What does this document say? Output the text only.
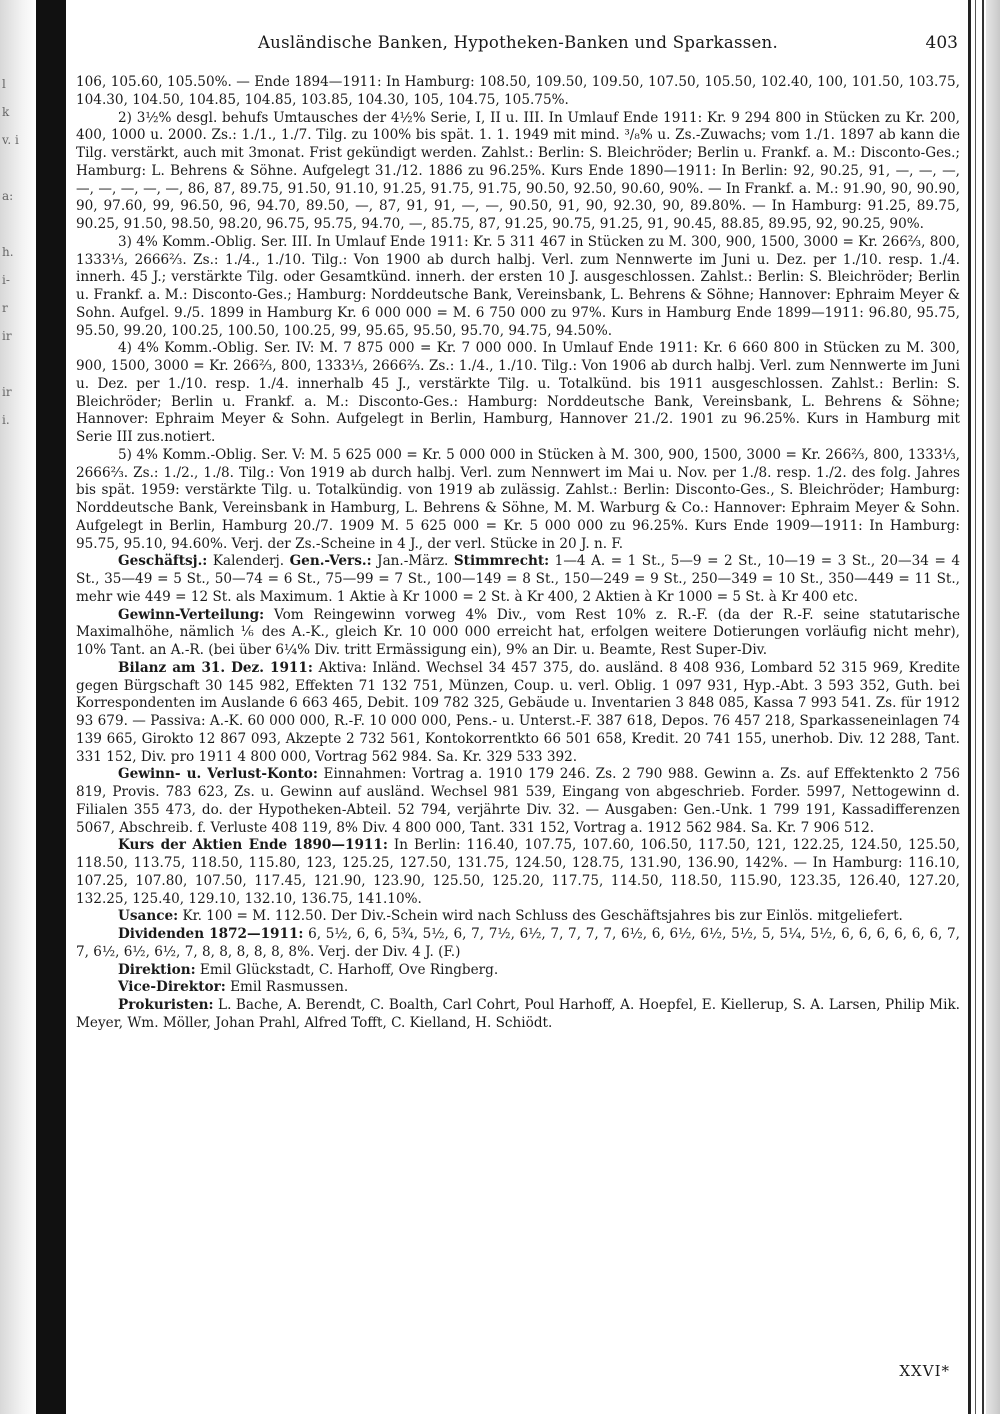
l
k
v. i

a:

h.
i-
r
ir

ir
i.
Ausländische Banken, Hypotheken-Banken und Sparkassen.	403

106, 105.60, 105.50%. — Ende 1894—1911: In Hamburg: 108.50, 109.50, 109.50, 107.50, 105.50, 102.40, 100, 101.50, 103.75, 104.30, 104.50, 104.85, 104.85, 103.85, 104.30, 105, 104.75, 105.75%.

2) 3½% desgl. behufs Umtausches der 4½% Serie, I, II u. III. In Umlauf Ende 1911: Kr. 9 294 800 in Stücken zu Kr. 200, 400, 1000 u. 2000. Zs.: 1./1., 1./7. Tilg. zu 100% bis spät. 1. 1. 1949 mit mind. ³/₈% u. Zs.-Zuwachs; vom 1./1. 1897 ab kann die Tilg. verstärkt, auch mit 3monat. Frist gekündigt werden. Zahlst.: Berlin: S. Bleichröder; Berlin u. Frankf. a. M.: Disconto-Ges.; Hamburg: L. Behrens & Söhne. Aufgelegt 31./12. 1886 zu 96.25%. Kurs Ende 1890—1911: In Berlin: 92, 90.25, 91, —, —, —, —, —, —, —, —, 86, 87, 89.75, 91.50, 91.10, 91.25, 91.75, 91.75, 90.50, 92.50, 90.60, 90%. — In Frankf. a. M.: 91.90, 90, 90.90, 90, 97.60, 99, 96.50, 96, 94.70, 89.50, —, 87, 91, 91, —, —, 90.50, 91, 90, 92.30, 90, 89.80%. — In Hamburg: 91.25, 89.75, 90.25, 91.50, 98.50, 98.20, 96.75, 95.75, 94.70, —, 85.75, 87, 91.25, 90.75, 91.25, 91, 90.45, 88.85, 89.95, 92, 90.25, 90%.

3) 4% Komm.-Oblig. Ser. III. In Umlauf Ende 1911: Kr. 5 311 467 in Stücken zu M. 300, 900, 1500, 3000 = Kr. 266⅔, 800, 1333⅓, 2666⅔. Zs.: 1./4., 1./10. Tilg.: Von 1900 ab durch halbj. Verl. zum Nennwerte im Juni u. Dez. per 1./10. resp. 1./4. innerh. 45 J.; verstärkte Tilg. oder Gesamtkünd. innerh. der ersten 10 J. ausgeschlossen. Zahlst.: Berlin: S. Bleichröder; Berlin u. Frankf. a. M.: Disconto-Ges.; Hamburg: Norddeutsche Bank, Vereinsbank, L. Behrens & Söhne; Hannover: Ephraim Meyer & Sohn. Aufgel. 9./5. 1899 in Hamburg Kr. 6 000 000 = M. 6 750 000 zu 97%. Kurs in Hamburg Ende 1899—1911: 96.80, 95.75, 95.50, 99.20, 100.25, 100.50, 100.25, 99, 95.65, 95.50, 95.70, 94.75, 94.50%.

4) 4% Komm.-Oblig. Ser. IV: M. 7 875 000 = Kr. 7 000 000. In Umlauf Ende 1911: Kr. 6 660 800 in Stücken zu M. 300, 900, 1500, 3000 = Kr. 266⅔, 800, 1333⅓, 2666⅔. Zs.: 1./4., 1./10. Tilg.: Von 1906 ab durch halbj. Verl. zum Nennwerte im Juni u. Dez. per 1./10. resp. 1./4. innerhalb 45 J., verstärkte Tilg. u. Totalkünd. bis 1911 ausgeschlossen. Zahlst.: Berlin: S. Bleichröder; Berlin u. Frankf. a. M.: Disconto-Ges.: Hamburg: Norddeutsche Bank, Vereinsbank, L. Behrens & Söhne; Hannover: Ephraim Meyer & Sohn. Aufgelegt in Berlin, Hamburg, Hannover 21./2. 1901 zu 96.25%. Kurs in Hamburg mit Serie III zus.notiert.

5) 4% Komm.-Oblig. Ser. V: M. 5 625 000 = Kr. 5 000 000 in Stücken à M. 300, 900, 1500, 3000 = Kr. 266⅔, 800, 1333⅓, 2666⅔. Zs.: 1./2., 1./8. Tilg.: Von 1919 ab durch halbj. Verl. zum Nennwert im Mai u. Nov. per 1./8. resp. 1./2. des folg. Jahres bis spät. 1959: verstärkte Tilg. u. Totalkündig. von 1919 ab zulässig. Zahlst.: Berlin: Disconto-Ges., S. Bleichröder; Hamburg: Norddeutsche Bank, Vereinsbank in Hamburg, L. Behrens & Söhne, M. M. Warburg & Co.: Hannover: Ephraim Meyer & Sohn. Aufgelegt in Berlin, Hamburg 20./7. 1909 M. 5 625 000 = Kr. 5 000 000 zu 96.25%. Kurs Ende 1909—1911: In Hamburg: 95.75, 95.10, 94.60%. Verj. der Zs.-Scheine in 4 J., der verl. Stücke in 20 J. n. F.

Geschäftsj.: Kalenderj. Gen.-Vers.: Jan.-März. Stimmrecht: 1—4 A. = 1 St., 5—9 = 2 St., 10—19 = 3 St., 20—34 = 4 St., 35—49 = 5 St., 50—74 = 6 St., 75—99 = 7 St., 100—149 = 8 St., 150—249 = 9 St., 250—349 = 10 St., 350—449 = 11 St., mehr wie 449 = 12 St. als Maximum. 1 Aktie à Kr 1000 = 2 St. à Kr 400, 2 Aktien à Kr 1000 = 5 St. à Kr 400 etc.

Gewinn-Verteilung: Vom Reingewinn vorweg 4% Div., vom Rest 10% z. R.-F. (da der R.-F. seine statutarische Maximalhöhe, nämlich ⅙ des A.-K., gleich Kr. 10 000 000 erreicht hat, erfolgen weitere Dotierungen vorläufig nicht mehr), 10% Tant. an A.-R. (bei über 6¼% Div. tritt Ermässigung ein), 9% an Dir. u. Beamte, Rest Super-Div.

Bilanz am 31. Dez. 1911: Aktiva: Inländ. Wechsel 34 457 375, do. ausländ. 8 408 936, Lombard 52 315 969, Kredite gegen Bürgschaft 30 145 982, Effekten 71 132 751, Münzen, Coup. u. verl. Oblig. 1 097 931, Hyp.-Abt. 3 593 352, Guth. bei Korrespondenten im Auslande 6 663 465, Debit. 109 782 325, Gebäude u. Inventarien 3 848 085, Kassa 7 993 541. Zs. für 1912 93 679. — Passiva: A.-K. 60 000 000, R.-F. 10 000 000, Pens.- u. Unterst.-F. 387 618, Depos. 76 457 218, Sparkasseneinlagen 74 139 665, Girokto 12 867 093, Akzepte 2 732 561, Kontokorrentkto 66 501 658, Kredit. 20 741 155, unerhob. Div. 12 288, Tant. 331 152, Div. pro 1911 4 800 000, Vortrag 562 984. Sa. Kr. 329 533 392.

Gewinn- u. Verlust-Konto: Einnahmen: Vortrag a. 1910 179 246. Zs. 2 790 988. Gewinn a. Zs. auf Effektenkto 2 756 819, Provis. 783 623, Zs. u. Gewinn auf ausländ. Wechsel 981 539, Eingang von abgeschrieb. Forder. 5997, Nettogewinn d. Filialen 355 473, do. der Hypotheken-Abteil. 52 794, verjährte Div. 32. — Ausgaben: Gen.-Unk. 1 799 191, Kassadifferenzen 5067, Abschreib. f. Verluste 408 119, 8% Div. 4 800 000, Tant. 331 152, Vortrag a. 1912 562 984. Sa. Kr. 7 906 512.

Kurs der Aktien Ende 1890—1911: In Berlin: 116.40, 107.75, 107.60, 106.50, 117.50, 121, 122.25, 124.50, 125.50, 118.50, 113.75, 118.50, 115.80, 123, 125.25, 127.50, 131.75, 124.50, 128.75, 131.90, 136.90, 142%. — In Hamburg: 116.10, 107.25, 107.80, 107.50, 117.45, 121.90, 123.90, 125.50, 125.20, 117.75, 114.50, 118.50, 115.90, 123.35, 126.40, 127.20, 132.25, 125.40, 129.10, 132.10, 136.75, 141.10%.

Usance: Kr. 100 = M. 112.50. Der Div.-Schein wird nach Schluss des Geschäftsjahres bis zur Einlös. mitgeliefert.

Dividenden 1872—1911: 6, 5½, 6, 6, 5¾, 5½, 6, 7, 7½, 6½, 7, 7, 7, 7, 6½, 6, 6½, 6½, 5½, 5, 5¼, 5½, 6, 6, 6, 6, 6, 6, 7, 7, 6½, 6½, 6½, 7, 8, 8, 8, 8, 8, 8%. Verj. der Div. 4 J. (F.)

Direktion: Emil Glückstadt, C. Harhoff, Ove Ringberg.

Vice-Direktor: Emil Rasmussen.

Prokuristen: L. Bache, A. Berendt, C. Boalth, Carl Cohrt, Poul Harhoff, A. Hoepfel, E. Kiellerup, S. A. Larsen, Philip Mik. Meyer, Wm. Möller, Johan Prahl, Alfred Tofft, C. Kielland, H. Schiödt.

XXVI*
